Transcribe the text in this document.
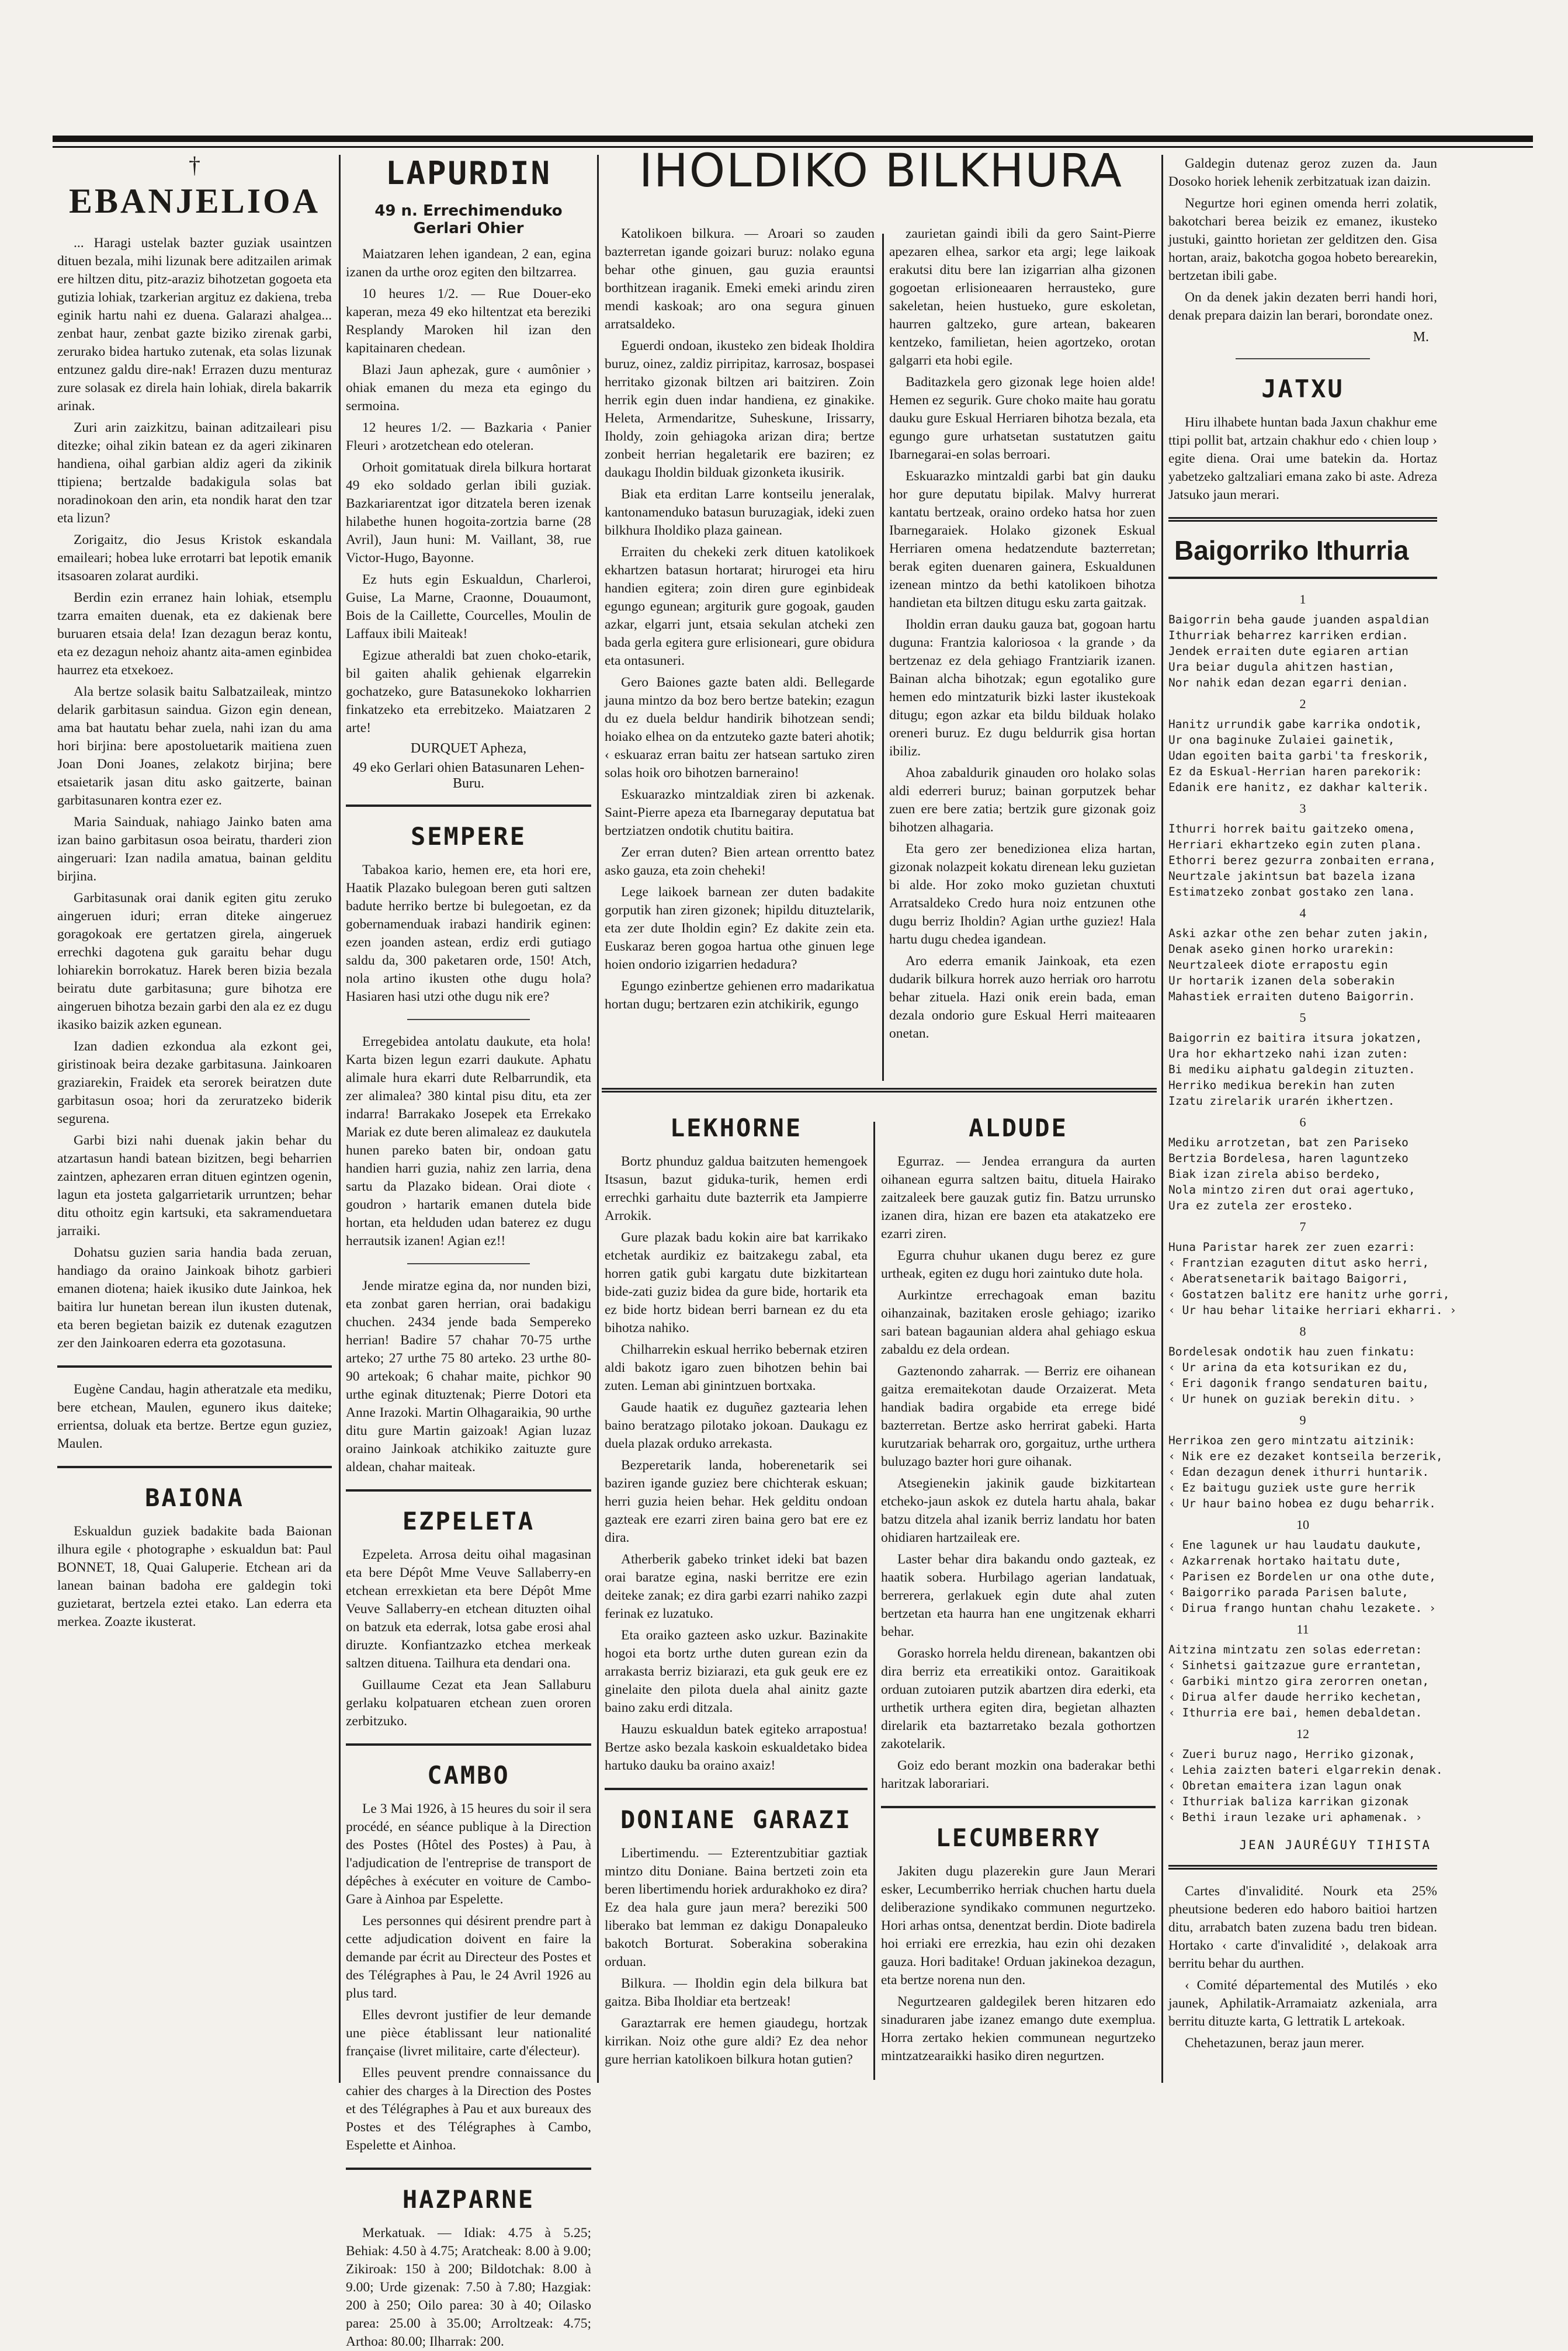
†
EBANJELIOA

... Haragi ustelak bazter guziak usaintzen dituen bezala, mihi lizunak bere aditzailen arimak ere hiltzen ditu, pitz-araziz bihotzetan gogoeta eta gutizia lohiak, tzarkerian argituz ez dakiena, treba eginik hartu nahi ez duena. Galarazi ahalgea... zenbat haur, zenbat gazte biziko zirenak garbi, zerurako bidea hartuko zutenak, eta solas lizunak entzunez galdu dire-nak! Errazen duzu menturaz zure solasak ez direla hain lohiak, direla bakarrik arinak.

Zuri arin zaizkitzu, bainan aditzaileari pisu ditezke; oihal zikin batean ez da ageri zikinaren handiena, oihal garbian aldiz ageri da zikinik ttipiena; bertzalde badakigula solas bat noradinokoan den arin, eta nondik harat den tzar eta lizun?

Zorigaitz, dio Jesus Kristok eskandala emaileari; hobea luke errotarri bat lepotik emanik itsasoaren zolarat aurdiki.

Berdin ezin erranez hain lohiak, etsemplu tzarra emaiten duenak, eta ez dakienak bere buruaren etsaia dela! Izan dezagun beraz kontu, eta ez dezagun nehoiz ahantz aita-amen eginbidea haurrez eta etxekoez.

Ala bertze solasik baitu Salbatzaileak, mintzo delarik garbitasun saindua. Gizon egin denean, ama bat hautatu behar zuela, nahi izan du ama hori birjina: bere apostoluetarik maitiena zuen Joan Doni Joanes, zelakotz birjina; bere etsaietarik jasan ditu asko gaitzerte, bainan garbitasunaren kontra ezer ez.

Maria Sainduak, nahiago Jainko baten ama izan baino garbitasun osoa beiratu, tharderi zion aingeruari: Izan nadila amatua, bainan gelditu birjina.

Garbitasunak orai danik egiten gitu zeruko aingeruen iduri; erran diteke aingeruez goragokoak ere gertatzen girela, aingeruek errechki dagotena guk garaitu behar dugu lohiarekin borrokatuz. Harek beren bizia bezala beiratu dute garbitasuna; gure bihotza ere aingeruen bihotza bezain garbi den ala ez ez dugu ikasiko baizik azken egunean.

Izan dadien ezkondua ala ezkont gei, giristinoak beira dezake garbitasuna. Jainkoaren graziarekin, Fraidek eta serorek beiratzen dute garbitasun osoa; hori da zeruratzeko biderik segurena.

Garbi bizi nahi duenak jakin behar du atzartasun handi batean bizitzen, begi beharrien zaintzen, aphezaren erran dituen egintzen ogenin, lagun eta josteta galgarrietarik urruntzen; behar ditu othoitz egin kartsuki, eta sakramenduetara jarraiki.

Dohatsu guzien saria handia bada zeruan, handiago da oraino Jainkoak bihotz garbieri emanen diotena; haiek ikusiko dute Jainkoa, hek baitira lur hunetan berean ilun ikusten dutenak, eta beren begietan baizik ez dutenak ezagutzen zer den Jainkoaren ederra eta gozotasuna.

Eugène Candau, hagin atheratzale eta mediku, bere etchean, Maulen, egunero ikus daiteke; errientsa, doluak eta bertze. Bertze egun guziez, Maulen.

BAIONA

Eskualdun guziek badakite bada Baionan ilhura egile ‹ photographe › eskualdun bat: Paul BONNET, 18, Quai Galuperie. Etchean ari da lanean bainan badoha ere galdegin toki guzietarat, bertzela eztei etako. Lan ederra eta merkea. Zoazte ikusterat.

LAPURDIN
49 n. Errechimenduko Gerlari Ohier

Maiatzaren lehen igandean, 2 ean, egina izanen da urthe oroz egiten den biltzarrea.

10 heures 1/2. — Rue Douer-eko kaperan, meza 49 eko hiltentzat eta bereziki Resplandy Maroken hil izan den kapitainaren chedean.

Blazi Jaun aphezak, gure ‹ aumônier › ohiak emanen du meza eta egingo du sermoina.

12 heures 1/2. — Bazkaria ‹ Panier Fleuri › arotzetchean edo oteleran.

Orhoit gomitatuak direla bilkura hortarat 49 eko soldado gerlan ibili guziak. Bazkariarentzat igor ditzatela beren izenak hilabethe hunen hogoita-zortzia barne (28 Avril), Jaun huni: M. Vaillant, 38, rue Victor-Hugo, Bayonne.

Ez huts egin Eskualdun, Charleroi, Guise, La Marne, Craonne, Douaumont, Bois de la Caillette, Courcelles, Moulin de Laffaux ibili Maiteak!

Egizue atheraldi bat zuen choko-etarik, bil gaiten ahalik gehienak elgarrekin gochatzeko, gure Batasunekoko lokharrien finkatzeko eta errebitzeko. Maiatzaren 2 arte!

DURQUET Apheza,
49 eko Gerlari ohien Batasunaren Lehen-Buru.
SEMPERE

Tabakoa kario, hemen ere, eta hori ere, Haatik Plazako bulegoan beren guti saltzen badute herriko bertze bi bulegoetan, ez da gobernamenduak irabazi handirik eginen: ezen joanden astean, erdiz erdi gutiago saldu da, 300 paketaren orde, 150! Atch, nola artino ikusten othe dugu hola? Hasiaren hasi utzi othe dugu nik ere?

Erregebidea antolatu daukute, eta hola! Karta bizen legun ezarri daukute. Aphatu alimale hura ekarri dute Relbarrundik, eta zer alimalea? 380 kintal pisu ditu, eta zer indarra! Barrakako Josepek eta Errekako Mariak ez dute beren alimaleaz ez daukutela hunen pareko baten bir, ondoan gatu handien harri guzia, nahiz zen larria, dena sartu da Plazako bidean. Orai diote ‹ goudron › hartarik emanen dutela bide hortan, eta helduden udan baterez ez dugu herrautsik izanen! Agian ez!!

Jende miratze egina da, nor nunden bizi, eta zonbat garen herrian, orai badakigu chuchen. 2434 jende bada Sempereko herrian! Badire 57 chahar 70-75 urthe arteko; 27 urthe 75 80 arteko. 23 urthe 80-90 artekoak; 6 chahar maite, pichkor 90 urthe eginak dituztenak; Pierre Dotori eta Anne Irazoki. Martin Olhagaraikia, 90 urthe ditu gure Martin gaizoak! Agian luzaz oraino Jainkoak atchikiko zaituzte gure aldean, chahar maiteak.

EZPELETA

Ezpeleta. Arrosa deitu oihal magasinan eta bere Dépôt Mme Veuve Sallaberry-en etchean errexkietan eta bere Dépôt Mme Veuve Sallaberry-en etchean dituzten oihal on batzuk eta ederrak, lotsa gabe erosi ahal diruzte. Konfiantzazko etchea merkeak saltzen dituena. Tailhura eta dendari ona.

Guillaume Cezat eta Jean Sallaburu gerlaku kolpatuaren etchean zuen ororen zerbitzuko.

CAMBO

Le 3 Mai 1926, à 15 heures du soir il sera procédé, en séance publique à la Direction des Postes (Hôtel des Postes) à Pau, à l'adjudication de l'entreprise de transport de dépêches à exécuter en voiture de Cambo-Gare à Ainhoa par Espelette.

Les personnes qui désirent prendre part à cette adjudication doivent en faire la demande par écrit au Directeur des Postes et des Télégraphes à Pau, le 24 Avril 1926 au plus tard.

Elles devront justifier de leur demande une pièce établissant leur nationalité française (livret militaire, carte d'électeur).

Elles peuvent prendre connaissance du cahier des charges à la Direction des Postes et des Télégraphes à Pau et aux bureaux des Postes et des Télégraphes à Cambo, Espelette et Ainhoa.

HAZPARNE

Merkatuak. — Idiak: 4.75 à 5.25; Behiak: 4.50 à 4.75; Aratcheak: 8.00 à 9.00; Zikiroak: 150 à 200; Bildotchak: 8.00 à 9.00; Urde gizenak: 7.50 à 7.80; Hazgiak: 200 à 250; Oilo parea: 30 à 40; Oilasko parea: 25.00 à 35.00; Arroltzeak: 4.75; Arthoa: 80.00; Ilharrak: 200.

IHOLDIKO BILKHURA

Katolikoen bilkura. — Aroari so zauden bazterretan igande goizari buruz: nolako eguna behar othe ginuen, gau guzia erauntsi borthitzean iraganik. Emeki emeki arindu ziren mendi kaskoak; aro ona segura ginuen arratsaldeko.

Eguerdi ondoan, ikusteko zen bideak Iholdira buruz, oinez, zaldiz pirripitaz, karrosaz, bospasei herritako gizonak biltzen ari baitziren. Zoin herrik egin duen indar handiena, ez ginakike. Heleta, Armendaritze, Suheskune, Irissarry, Iholdy, zoin gehiagoka arizan dira; bertze zonbeit herrian hegaletarik ere baziren; ez daukagu Iholdin bilduak gizonketa ikusirik.

Biak eta erditan Larre kontseilu jeneralak, kantonamenduko batasun buruzagiak, ideki zuen bilkhura Iholdiko plaza gainean.

Erraiten du chekeki zerk dituen katolikoek ekhartzen batasun hortarat; hirurogei eta hiru handien egitera; zoin diren gure eginbideak egungo egunean; argiturik gure gogoak, gauden azkar, elgarri junt, etsaia sekulan atcheki zen bada gerla egitera gure erlisioneari, gure obidura eta ontasuneri.

Gero Baiones gazte baten aldi. Bellegarde jauna mintzo da boz bero bertze batekin; ezagun du ez duela beldur handirik bihotzean sendi; hoiako elhea on da entzuteko gazte bateri ahotik; ‹ eskuaraz erran baitu zer hatsean sartuko ziren solas hoik oro bihotzen barneraino!

Eskuarazko mintzaldiak ziren bi azkenak. Saint-Pierre apeza eta Ibarnegaray deputatua bat bertziatzen ondotik chutitu baitira.

Zer erran duten? Bien artean orrentto batez asko gauza, eta zoin cheheki!

Lege laikoek barnean zer duten badakite gorputik han ziren gizonek; hipildu dituztelarik, eta zer dute Iholdin egin? Ez dakite zein eta. Euskaraz beren gogoa hartua othe ginuen lege hoien ondorio izigarrien hedadura?

Egungo ezinbertze gehienen erro madarikatua hortan dugu; bertzaren ezin atchikirik, egungo

zaurietan gaindi ibili da gero Saint-Pierre apezaren elhea, sarkor eta argi; lege laikoak erakutsi ditu bere lan izigarrian alha gizonen gogoetan erlisioneaaren herrausteko, gure sakeletan, heien hustueko, gure eskoletan, haurren galtzeko, gure artean, bakearen kentzeko, familietan, heien agortzeko, orotan galgarri eta hobi egile.

Baditazkela gero gizonak lege hoien alde! Hemen ez segurik. Gure choko maite hau goratu dauku gure Eskual Herriaren bihotza bezala, eta egungo gure urhatsetan sustatutzen gaitu Ibarnegarai-en solas berroari.

Eskuarazko mintzaldi garbi bat gin dauku hor gure deputatu bipilak. Malvy hurrerat kantatu bertzeak, oraino ordeko hatsa hor zuen Ibarnegaraiek. Holako gizonek Eskual Herriaren omena hedatzendute bazterretan; berak egiten duenaren gainera, Eskualdunen izenean mintzo da bethi katolikoen bihotza handietan eta biltzen ditugu esku zarta gaitzak.

Iholdin erran dauku gauza bat, gogoan hartu duguna: Frantzia kaloriosoa ‹ la grande › da bertzenaz ez dela gehiago Frantziarik izanen. Bainan alcha bihotzak; egun egotaliko gure hemen edo mintzaturik bizki laster ikustekoak ditugu; egon azkar eta bildu bilduak holako oreneri buruz. Ez dugu beldurrik gisa hortan ibiliz.

Ahoa zabaldurik ginauden oro holako solas aldi ederreri buruz; bainan gorputzek behar zuen ere bere zatia; bertzik gure gizonak goiz bihotzen alhagaria.

Eta gero zer benedizionea eliza hartan, gizonak nolazpeit kokatu direnean leku guzietan bi alde. Hor zoko moko guzietan chuxtuti Arratsaldeko Credo hura noiz entzunen othe dugu berriz Iholdin? Agian urthe guziez! Hala hartu dugu chedea igandean.

Aro ederra emanik Jainkoak, eta ezen dudarik bilkura horrek auzo herriak oro harrotu behar zituela. Hazi onik erein bada, eman dezala ondorio gure Eskual Herri maiteaaren onetan.

LEKHORNE

Bortz phunduz galdua baitzuten hemengoek Itsasun, bazut giduka-turik, hemen erdi errechki garhaitu dute bazterrik eta Jampierre Arrokik.

Gure plazak badu kokin aire bat karrikako etchetak aurdikiz ez baitzakegu zabal, eta horren gatik gubi kargatu dute bizkitartean bide-zati guziz bidea da gure bide, hortarik eta ez bide hortz bidean berri barnean ez du eta bihotza nahiko.

Chilharrekin eskual herriko bebernak etziren aldi bakotz igaro zuen bihotzen behin bai zuten. Leman abi ginintzuen bortxaka.

Gaude haatik ez duguñez gaztearia lehen baino beratzago pilotako jokoan. Daukagu ez duela plazak orduko arrekasta.

Bezperetarik landa, hoberenetarik sei baziren igande guziez bere chichterak eskuan; herri guzia heien behar. Hek gelditu ondoan gazteak ere ezarri ziren baina gero bat ere ez dira.

Atherberik gabeko trinket ideki bat bazen orai baratze egina, naski berritze ere ezin deiteke zanak; ez dira garbi ezarri nahiko zazpi ferinak ez luzatuko.

Eta oraiko gazteen asko uzkur. Bazinakite hogoi eta bortz urthe duten gurean ezin da arrakasta berriz biziarazi, eta guk geuk ere ez ginelaite den pilota duela ahal ainitz gazte baino zaku erdi ditzala.

Hauzu eskualdun batek egiteko arrapostua! Bertze asko bezala kaskoin eskualdetako bidea hartuko dauku ba oraino axaiz!

DONIANE GARAZI

Libertimendu. — Ezterentzubitiar gaztiak mintzo ditu Doniane. Baina bertzeti zoin eta beren libertimendu horiek ardurakhoko ez dira? Ez dea hala gure jaun mera? bereziki 500 liberako bat lemman ez dakigu Donapaleuko bakotch Borturat. Soberakina soberakina orduan.

Bilkura. — Iholdin egin dela bilkura bat gaitza. Biba Iholdiar eta bertzeak!

Garaztarrak ere hemen giaudegu, hortzak kirrikan. Noiz othe gure aldi? Ez dea nehor gure herrian katolikoen bilkura hotan gutien?

ALDUDE

Egurraz. — Jendea errangura da aurten oihanean egurra saltzen baitu, dituela Hairako zaitzaleek bere gauzak gutiz fin. Batzu urrunsko izanen dira, hizan ere bazen eta atakatzeko ere ezarri ziren.

Egurra chuhur ukanen dugu berez ez gure urtheak, egiten ez dugu hori zaintuko dute hola.

Aurkintze errechagoak eman bazitu oihanzainak, bazitaken erosle gehiago; izariko sari batean bagaunian aldera ahal gehiago eskua zabaldu ez dela ordean.

Gaztenondo zaharrak. — Berriz ere oihanean gaitza eremaitekotan daude Orzaizerat. Meta handiak badira orgabide eta errege bidé bazterretan. Bertze asko herrirat gabeki. Harta kurutzariak beharrak oro, gorgaituz, urthe urthera buluzago bazter hori gure oihanak.

Atsegienekin jakinik gaude bizkitartean etcheko-jaun askok ez dutela hartu ahala, bakar batzu ditzela ahal izanik berriz landatu hor baten ohidiaren hartzaileak ere.

Laster behar dira bakandu ondo gazteak, ez haatik sobera. Hurbilago agerian landatuak, berrerera, gerlakuek egin dute ahal zuten bertzetan eta haurra han ene ungitzenak ekharri behar.

Gorasko horrela heldu direnean, bakantzen obi dira berriz eta erreatikiki ontoz. Garaitikoak orduan zutoiaren putzik abartzen dira ederki, eta urthetik urthera egiten dira, begietan alhazten direlarik eta baztarretako bezala gothortzen zakotelarik.

Goiz edo berant mozkin ona baderakar bethi haritzak laborariari.

LECUMBERRY

Jakiten dugu plazerekin gure Jaun Merari esker, Lecumberriko herriak chuchen hartu duela deliberazione syndikako communen negurtzeko. Hori arhas ontsa, denentzat berdin. Diote badirela hoi erriaki ere errezkia, hau ezin ohi dezaken gauza. Hori baditake! Orduan jakinekoa dezagun, eta bertze norena nun den.

Negurtzearen galdegilek beren hitzaren edo sinaduraren jabe izanez emango dute exemplua. Horra zertako hekien communean negurtzeko mintzatzearaikki hasiko diren negurtzen.

Galdegin dutenaz geroz zuzen da. Jaun Dosoko horiek lehenik zerbitzatuak izan daizin.

Negurtze hori eginen omenda herri zolatik, bakotchari berea beizik ez emanez, ikusteko justuki, gaintto horietan zer gelditzen den. Gisa hortan, araiz, bakotcha gogoa hobeto berearekin, bertzetan ibili gabe.

On da denek jakin dezaten berri handi hori, denak prepara daizin lan berari, borondate onez.

M.
JATXU

Hiru ilhabete huntan bada Jaxun chakhur eme ttipi pollit bat, artzain chakhur edo ‹ chien loup › egite diena. Orai ume batekin da. Hortaz yabetzeko galtzaliari emana zako bi aste. Adreza Jatsuko jaun merari.

Baigorriko Ithurria
1

Baigorrin beha gaude juanden aspaldian

Ithurriak beharrez karriken erdian.

Jendek erraiten dute egiaren artian

Ura beiar dugula ahitzen hastian,

Nor nahik edan dezan egarri denian.

2

Hanitz urrundik gabe karrika ondotik,

Ur ona baginuke Zulaiei gainetik,

Udan egoiten baita garbi'ta freskorik,

Ez da Eskual-Herrian haren parekorik:

Edanik ere hanitz, ez dakhar kalterik.

3

Ithurri horrek baitu gaitzeko omena,

Herriari ekhartzeko egin zuten plana.

Ethorri berez gezurra zonbaiten errana,

Neurtzale jakintsun bat bazela izana

Estimatzeko zonbat gostako zen lana.

4

Aski azkar othe zen behar zuten jakin,

Denak aseko ginen horko urarekin:

Neurtzaleek diote errapostu egin

Ur hortarik izanen dela soberakin

Mahastiek erraiten duteno Baigorrin.

5

Baigorrin ez baitira itsura jokatzen,

Ura hor ekhartzeko nahi izan zuten:

Bi mediku aiphatu galdegin zituzten.

Herriko medikua berekin han zuten

Izatu zirelarik urarén ikhertzen.

6

Mediku arrotzetan, bat zen Pariseko

Bertzia Bordelesa, haren laguntzeko

Biak izan zirela abiso berdeko,

Nola mintzo ziren dut orai agertuko,

Ura ez zutela zer erosteko.

7

Huna Paristar harek zer zuen ezarri:

‹ Frantzian ezaguten ditut asko herri,

‹ Aberatsenetarik baitago Baigorri,

‹ Gostatzen balitz ere hanitz urhe gorri,

‹ Ur hau behar litaike herriari ekharri. ›

8

Bordelesak ondotik hau zuen finkatu:

‹ Ur arina da eta kotsurikan ez du,

‹ Eri dagonik frango sendaturen baitu,

‹ Ur hunek on guziak berekin ditu. ›

9

Herrikoa zen gero mintzatu aitzinik:

‹ Nik ere ez dezaket kontseila berzerik,

‹ Edan dezagun denek ithurri huntarik.

‹ Ez baitugu guziek uste gure herrik

‹ Ur haur baino hobea ez dugu beharrik.

10

‹ Ene lagunek ur hau laudatu daukute,

‹ Azkarrenak hortako haitatu dute,

‹ Parisen ez Bordelen ur ona othe dute,

‹ Baigorriko parada Parisen balute,

‹ Dirua frango huntan chahu lezakete. ›

11

Aitzina mintzatu zen solas ederretan:

‹ Sinhetsi gaitzazue gure errantetan,

‹ Garbiki mintzo gira zerorren onetan,

‹ Dirua alfer daude herriko kechetan,

‹ Ithurria ere bai, hemen debaldetan.

12

‹ Zueri buruz nago, Herriko gizonak,

‹ Lehia zaizten bateri elgarrekin denak.

‹ Obretan emaitera izan lagun onak

‹ Ithurriak baliza karrikan gizonak

‹ Bethi iraun lezake uri aphamenak. ›

JEAN JAURÉGUY TIHISTA

Cartes d'invalidité. Nourk eta 25% pheutsione bederen edo haboro baitioi hartzen ditu, arrabatch baten zuzena badu tren bidean. Hortako ‹ carte d'invalidité ›, delakoak arra berritu behar du aurthen.

‹ Comité départemental des Mutilés › eko jaunek, Aphilatik-Arramaiatz azkeniala, arra berritu dituzte karta, G lettratik L artekoak.

Chehetazunen, beraz jaun merer.
